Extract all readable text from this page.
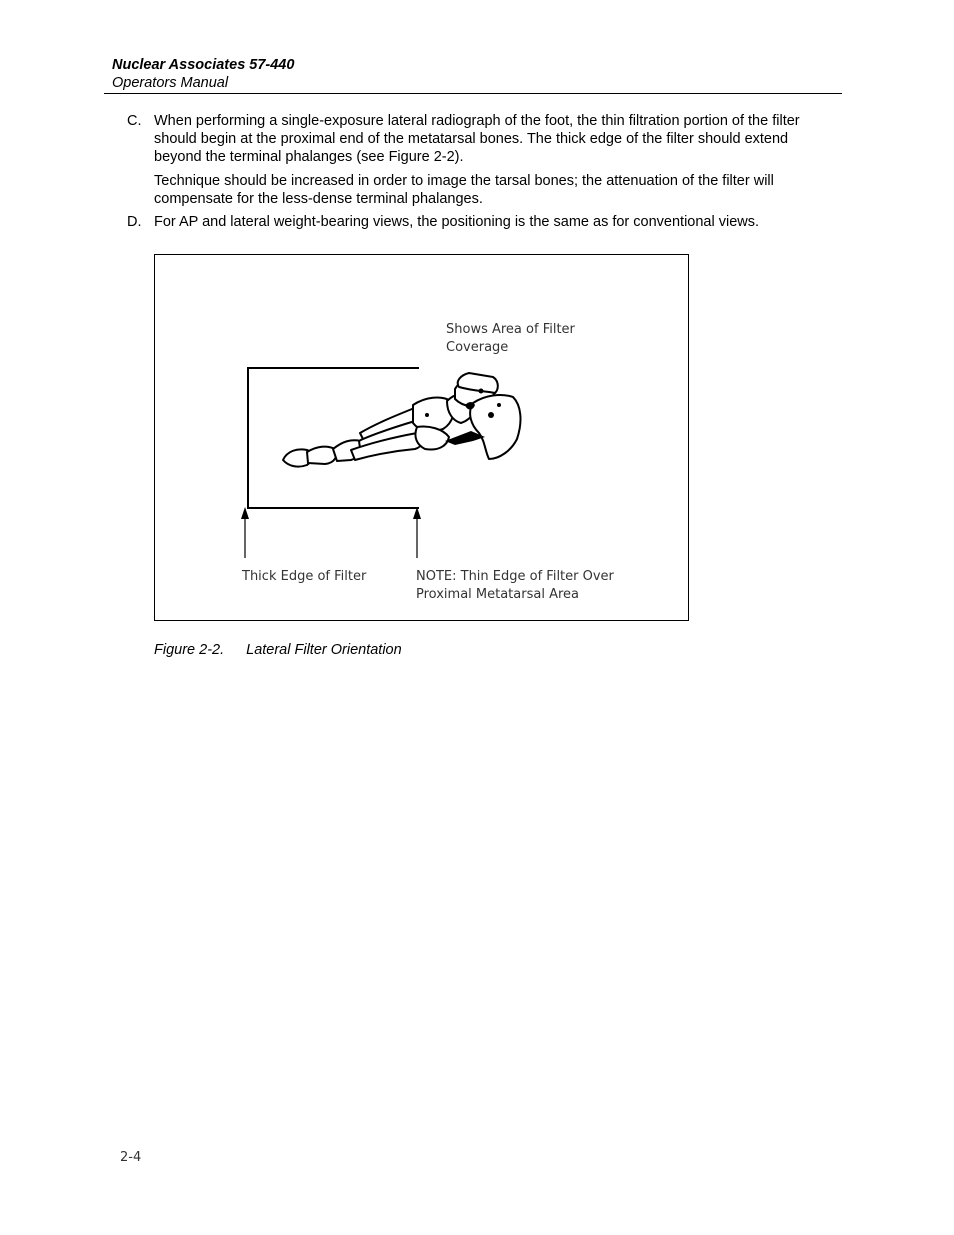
Nuclear Associates 57-440
Operators Manual
C. When performing a single-exposure lateral radiograph of the foot, the thin filtration portion of the filter should begin at the proximal end of the metatarsal bones. The thick edge of the filter should extend beyond the terminal phalanges (see Figure 2-2).
Technique should be increased in order to image the tarsal bones; the attenuation of the filter will compensate for the less-dense terminal phalanges.
D. For AP and lateral weight-bearing views, the positioning is the same as for conventional views.
Shows Area of Filter
Coverage
Thick Edge of Filter	NOTE: Thin Edge of Filter Over
Proximal Metatarsal Area
Figure 2-2. Lateral Filter Orientation
2-4
